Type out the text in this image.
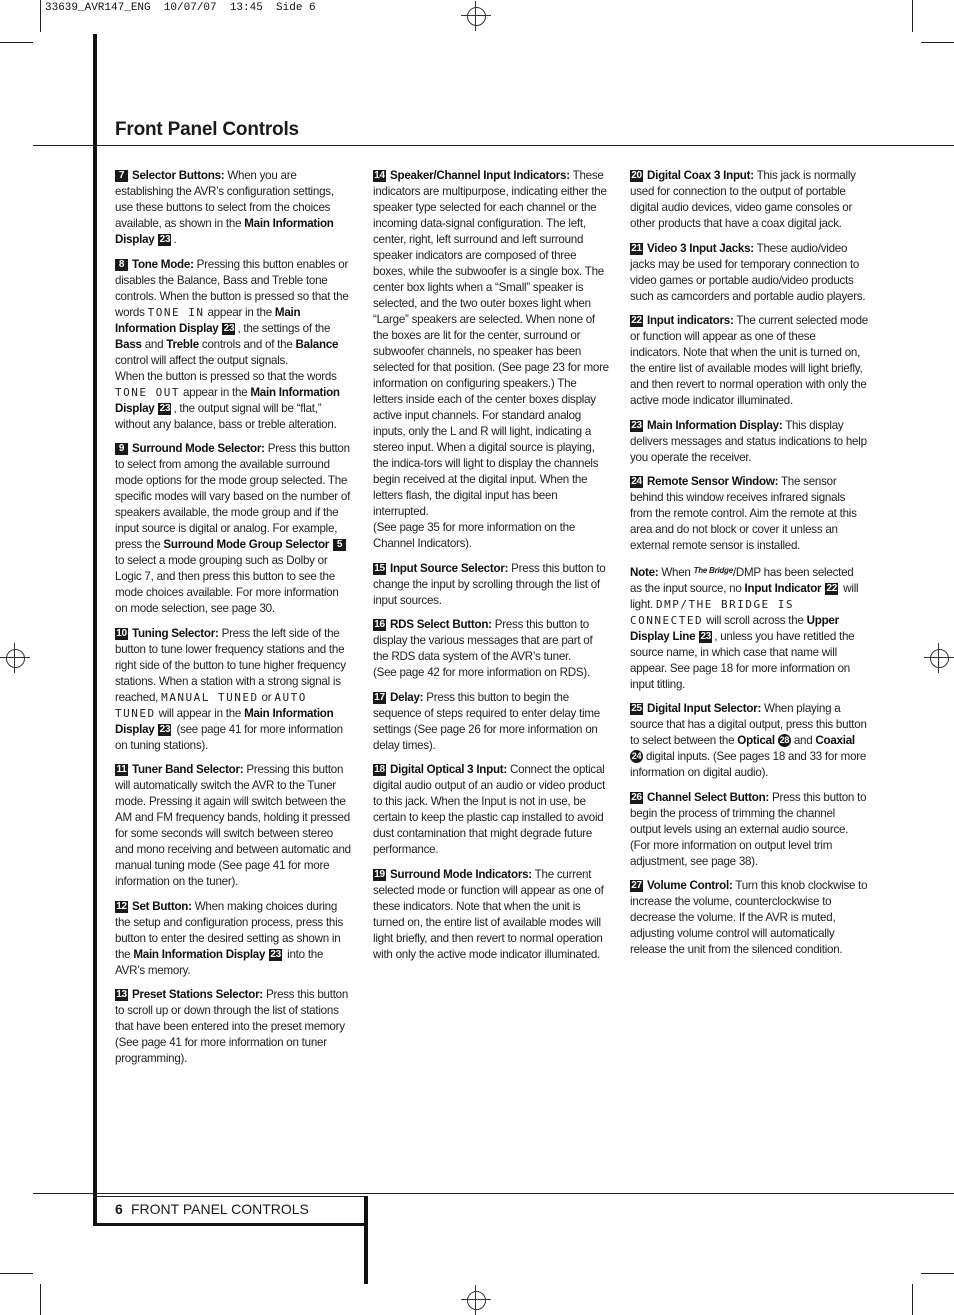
33639_AVR147_ENG  10/07/07  13:45  Side 6
Front Panel Controls

7 Selector Buttons: When you are establishing the AVR’s configuration settings, use these buttons to select from the choices available, as shown in the Main Information Display 23 .

8 Tone Mode: Pressing this button enables or disables the Balance, Bass and Treble tone controls. When the button is pressed so that the words TONE IN appear in the Main Information Display 23 , the settings of the Bass and Treble controls and of the Balance control will affect the output signals.
When the button is pressed so that the words TONE OUT appear in the Main Information Display 23 , the output signal will be “flat,” without any balance, bass or treble alteration.

9 Surround Mode Selector: Press this button to select from among the available surround mode options for the mode group selected. The specific modes will vary based on the number of speakers available, the mode group and if the input source is digital or analog. For example, press the Surround Mode Group Selector 5 to select a mode grouping such as Dolby or Logic 7, and then press this button to see the mode choices available. For more information on mode selection, see page 30.

10 Tuning Selector: Press the left side of the button to tune lower frequency stations and the right side of the button to tune higher frequency stations. When a station with a strong signal is reached, MANUAL TUNED or AUTO TUNED will appear in the Main Information Display 23 (see page 41 for more information on tuning stations).

11 Tuner Band Selector: Pressing this button will automatically switch the AVR to the Tuner mode. Pressing it again will switch between the AM and FM frequency bands, holding it pressed for some seconds will switch between stereo and mono receiving and between automatic and manual tuning mode (See page 41 for more information on the tuner).

12 Set Button: When making choices during the setup and configuration process, press this button to enter the desired setting as shown in the Main Information Display 23 into the AVR’s memory.

13 Preset Stations Selector: Press this button to scroll up or down through the list of stations that have been entered into the preset memory (See page 41 for more information on tuner programming).

14 Speaker/Channel Input Indicators: These indicators are multipurpose, indicating either the speaker type selected for each channel or the incoming data-signal configuration. The left, center, right, left surround and left surround speaker indicators are composed of three boxes, while the subwoofer is a single box. The center box lights when a “Small” speaker is selected, and the two outer boxes light when “Large” speakers are selected. When none of the boxes are lit for the center, surround or subwoofer channels, no speaker has been selected for that position. (See page 23 for more information on configuring speakers.) The letters inside each of the center boxes display active input channels. For standard analog inputs, only the L and R will light, indicating a stereo input. When a digital source is playing, the indica-tors will light to display the channels begin received at the digital input. When the letters flash, the digital input has been interrupted.
(See page 35 for more information on the Channel Indicators).

15 Input Source Selector: Press this button to change the input by scrolling through the list of input sources.

16 RDS Select Button: Press this button to display the various messages that are part of the RDS data system of the AVR’s tuner.
(See page 42 for more information on RDS).

17 Delay: Press this button to begin the sequence of steps required to enter delay time settings (See page 26 for more information on delay times).

18 Digital Optical 3 Input: Connect the optical digital audio output of an audio or video product to this jack. When the Input is not in use, be certain to keep the plastic cap installed to avoid dust contamination that might degrade future performance.

19 Surround Mode Indicators: The current selected mode or function will appear as one of these indicators. Note that when the unit is turned on, the entire list of available modes will light briefly, and then revert to normal operation with only the active mode indicator illuminated.

20 Digital Coax 3 Input: This jack is normally used for connection to the output of portable digital audio devices, video game consoles or other products that have a coax digital jack.

21 Video 3 Input Jacks: These audio/video jacks may be used for temporary connection to video games or portable audio/video products such as camcorders and portable audio players.

22 Input indicators: The current selected mode or function will appear as one of these indicators. Note that when the unit is turned on, the entire list of available modes will light briefly, and then revert to normal operation with only the active mode indicator illuminated.

23 Main Information Display: This display delivers messages and status indications to help you operate the receiver.

24 Remote Sensor Window: The sensor behind this window receives infrared signals from the remote control. Aim the remote at this area and do not block or cover it unless an external remote sensor is installed.

Note: When $^{The Bridge}$/DMP has been selected as the input source, no Input Indicator 22 will light. DMP/THE BRIDGE IS CONNECTED will scroll across the Upper Display Line 23 , unless you have retitled the source name, in which case that name will appear. See page 18 for more information on input titling.

25 Digital Input Selector: When playing a source that has a digital output, press this button to select between the Optical 28 and Coaxial 24 digital inputs. (See pages 18 and 33 for more information on digital audio).

26 Channel Select Button: Press this button to begin the process of trimming the channel output levels using an external audio source.
(For more information on output level trim adjustment, see page 38).

27 Volume Control: Turn this knob clockwise to increase the volume, counterclockwise to decrease the volume. If the AVR is muted, adjusting volume control will automatically release the unit from the silenced condition.

6 FRONT PANEL CONTROLS
